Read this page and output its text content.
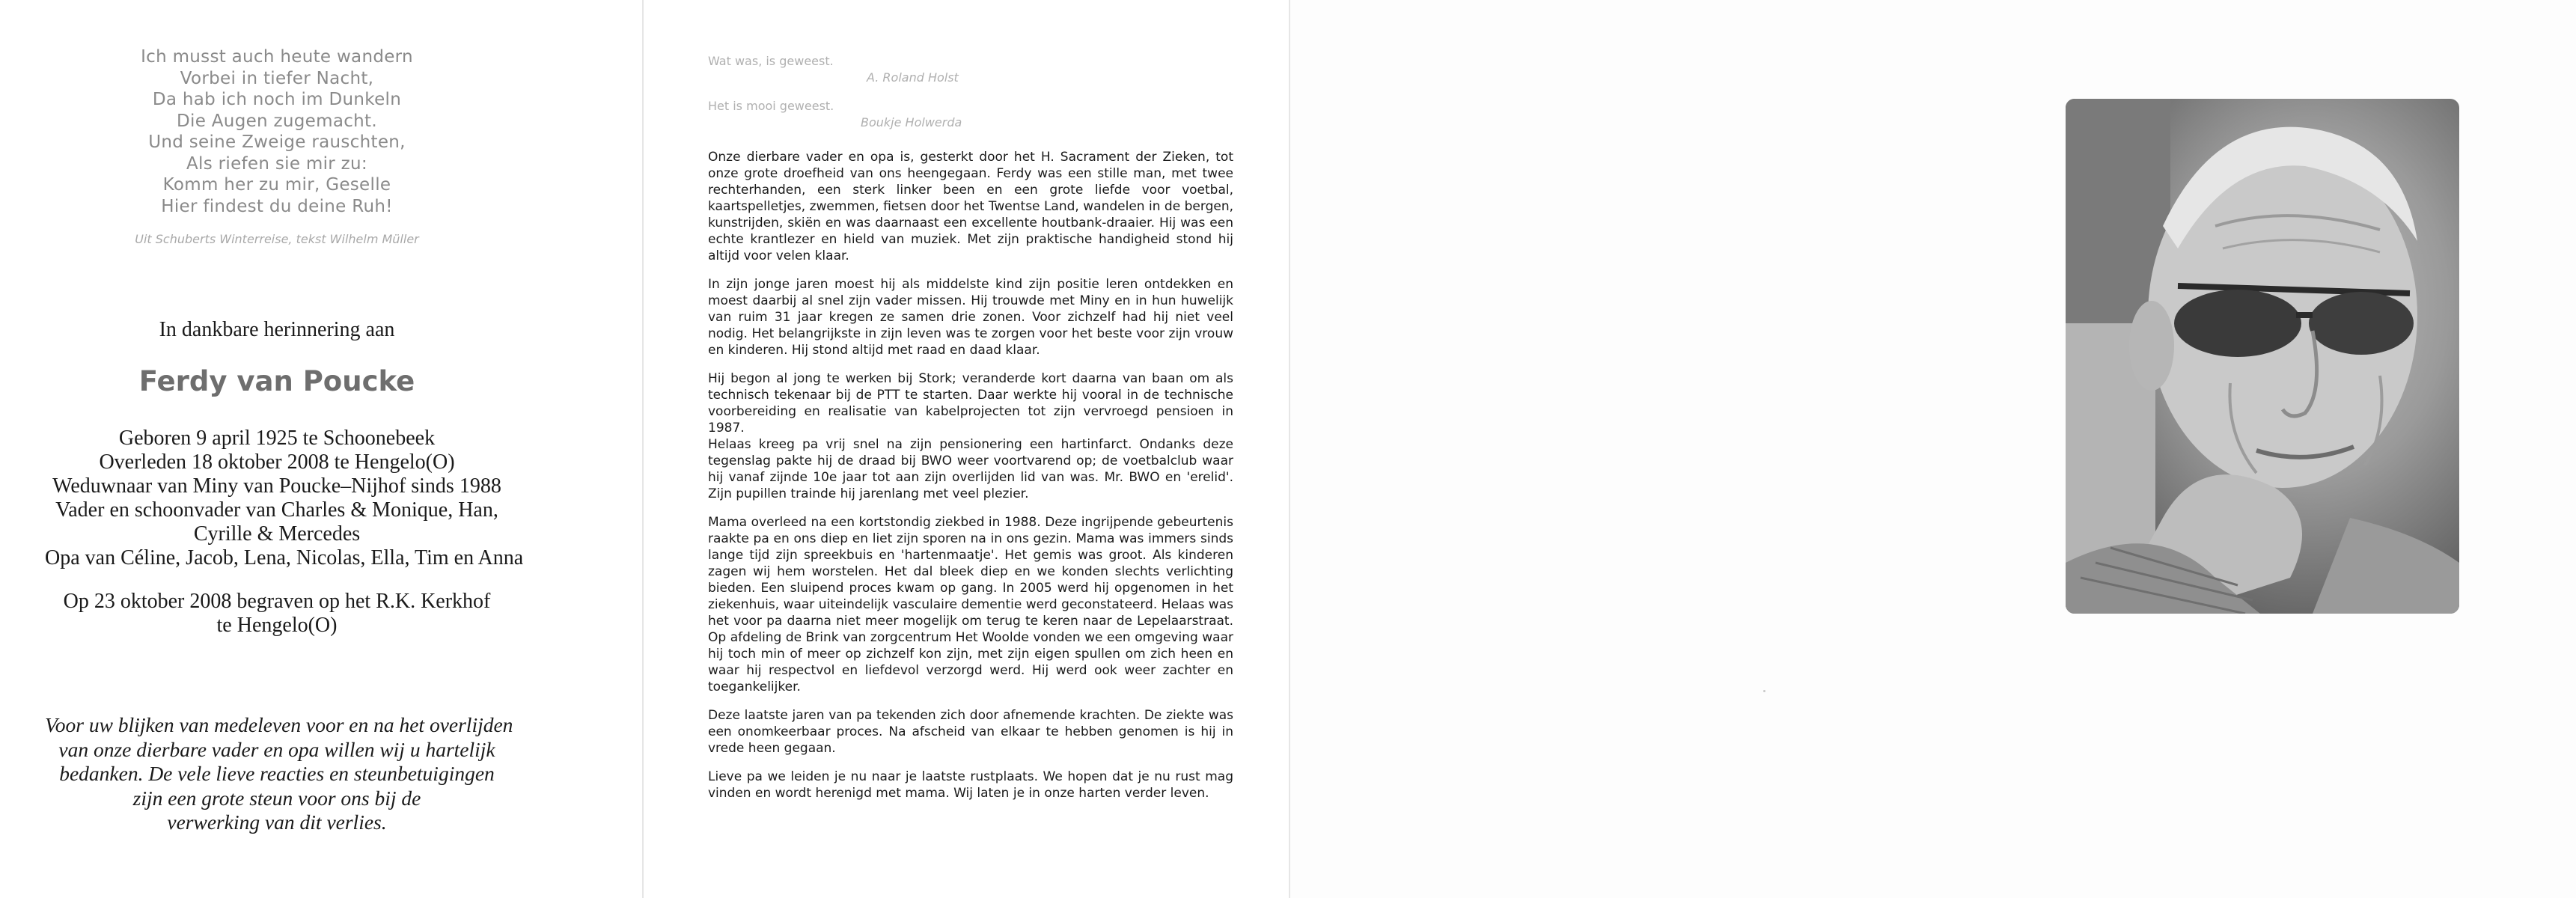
Ich musst auch heute wandern
Vorbei in tiefer Nacht,
Da hab ich noch im Dunkeln
Die Augen zugemacht.
Und seine Zweige rauschten,
Als riefen sie mir zu:
Komm her zu mir, Geselle
Hier findest du deine Ruh!
Uit Schuberts Winterreise, tekst Wilhelm Müller
In dankbare herinnering aan
Ferdy van Poucke
Geboren 9 april 1925 te Schoonebeek
Overleden 18 oktober 2008 te Hengelo(O)
Weduwnaar van Miny van Poucke–Nijhof sinds 1988
Vader en schoonvader van Charles & Monique, Han,
Cyrille & Mercedes
Opa van Céline, Jacob, Lena, Nicolas, Ella, Tim en Anna
Op 23 oktober 2008 begraven op het R.K. Kerkhof
te Hengelo(O)
Voor uw blijken van medeleven voor en na het overlijden
van onze dierbare vader en opa willen wij u hartelijk
bedanken. De vele lieve reacties en steunbetuigingen
zijn een grote steun voor ons bij de
verwerking van dit verlies.
Wat was, is geweest.
A. Roland Holst
Het is mooi geweest.
Boukje Holwerda

Onze dierbare vader en opa is, gesterkt door het H. Sacrament der Zieken, tot onze grote droefheid van ons heengegaan. Ferdy was een stille man, met twee rechterhanden, een sterk linker been en een grote liefde voor voetbal, kaartspelletjes, zwemmen, fietsen door het Twentse Land, wandelen in de bergen, kunstrijden, skiën en was daarnaast een excellente houtbank-draaier. Hij was een echte krantlezer en hield van muziek. Met zijn praktische handigheid stond hij altijd voor velen klaar.

In zijn jonge jaren moest hij als middelste kind zijn positie leren ontdekken en moest daarbij al snel zijn vader missen. Hij trouwde met Miny en in hun huwelijk van ruim 31 jaar kregen ze samen drie zonen. Voor zichzelf had hij niet veel nodig. Het belangrijkste in zijn leven was te zorgen voor het beste voor zijn vrouw en kinderen. Hij stond altijd met raad en daad klaar.

Hij begon al jong te werken bij Stork; veranderde kort daarna van baan om als technisch tekenaar bij de PTT te starten. Daar werkte hij vooral in de technische voorbereiding en realisatie van kabelprojecten tot zijn vervroegd pensioen in 1987.
Helaas kreeg pa vrij snel na zijn pensionering een hartinfarct. Ondanks deze tegenslag pakte hij de draad bij BWO weer voortvarend op; de voetbalclub waar hij vanaf zijnde 10e jaar tot aan zijn overlijden lid van was. Mr. BWO en 'erelid'. Zijn pupillen trainde hij jarenlang met veel plezier.

Mama overleed na een kortstondig ziekbed in 1988. Deze ingrijpende gebeurtenis raakte pa en ons diep en liet zijn sporen na in ons gezin. Mama was immers sinds lange tijd zijn spreekbuis en 'hartenmaatje'. Het gemis was groot. Als kinderen zagen wij hem worstelen. Het dal bleek diep en we konden slechts verlichting bieden. Een sluipend proces kwam op gang. In 2005 werd hij opgenomen in het ziekenhuis, waar uiteindelijk vasculaire dementie werd geconstateerd. Helaas was het voor pa daarna niet meer mogelijk om terug te keren naar de Lepelaarstraat. Op afdeling de Brink van zorgcentrum Het Woolde vonden we een omgeving waar hij toch min of meer op zichzelf kon zijn, met zijn eigen spullen om zich heen en waar hij respectvol en liefdevol verzorgd werd. Hij werd ook weer zachter en toegankelijker.

Deze laatste jaren van pa tekenden zich door afnemende krachten. De ziekte was een onomkeerbaar proces. Na afscheid van elkaar te hebben genomen is hij in vrede heen gegaan.

Lieve pa we leiden je nu naar je laatste rustplaats. We hopen dat je nu rust mag vinden en wordt herenigd met mama. Wij laten je in onze harten verder leven.
